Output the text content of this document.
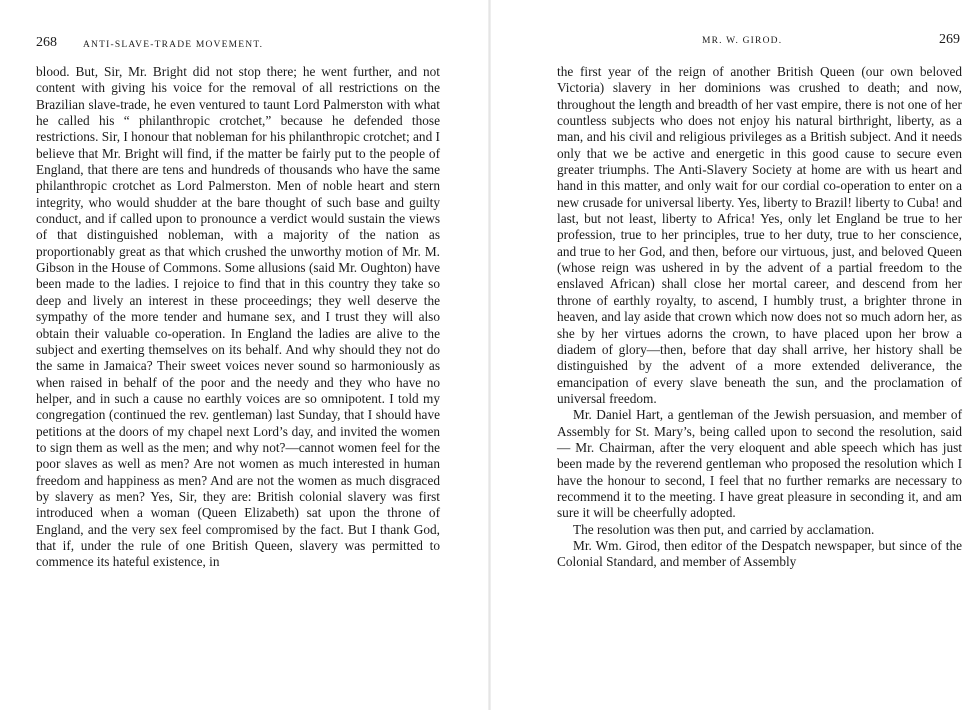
268	ANTI-SLAVE-TRADE MOVEMENT.

blood. But, Sir, Mr. Bright did not stop there; he went further, and not content with giving his voice for the removal of all restrictions on the Brazilian slave-trade, he even ventured to taunt Lord Palmerston with what he called his “ philanthropic crotchet,” because he defended those restrictions. Sir, I honour that nobleman for his philanthropic crotchet; and I believe that Mr. Bright will find, if the matter be fairly put to the people of England, that there are tens and hundreds of thousands who have the same philanthropic crotchet as Lord Palmerston. Men of noble heart and stern integrity, who would shudder at the bare thought of such base and guilty conduct, and if called upon to pronounce a verdict would sustain the views of that distinguished nobleman, with a majority of the nation as proportionably great as that which crushed the unworthy motion of Mr. M. Gibson in the House of Commons. Some allusions (said Mr. Oughton) have been made to the ladies. I rejoice to find that in this country they take so deep and lively an interest in these proceedings; they well deserve the sympathy of the more tender and humane sex, and I trust they will also obtain their valuable co-operation. In England the ladies are alive to the subject and exerting themselves on its behalf. And why should they not do the same in Jamaica? Their sweet voices never sound so harmoniously as when raised in behalf of the poor and the needy and they who have no helper, and in such a cause no earthly voices are so omnipotent. I told my congregation (continued the rev. gentleman) last Sunday, that I should have petitions at the doors of my chapel next Lord’s day, and invited the women to sign them as well as the men; and why not?—cannot women feel for the poor slaves as well as men? Are not women as much interested in human freedom and happiness as men? And are not the women as much disgraced by slavery as men? Yes, Sir, they are: British colonial slavery was first introduced when a woman (Queen Elizabeth) sat upon the throne of England, and the very sex feel compromised by the fact. But I thank God, that if, under the rule of one British Queen, slavery was permitted to commence its hateful existence, in

MR. W. GIROD.	269

the first year of the reign of another British Queen (our own beloved Victoria) slavery in her dominions was crushed to death; and now, throughout the length and breadth of her vast empire, there is not one of her countless subjects who does not enjoy his natural birthright, liberty, as a man, and his civil and religious privileges as a British subject. And it needs only that we be active and energetic in this good cause to secure even greater triumphs. The Anti-Slavery Society at home are with us heart and hand in this matter, and only wait for our cordial co-operation to enter on a new crusade for universal liberty. Yes, liberty to Brazil! liberty to Cuba! and last, but not least, liberty to Africa! Yes, only let England be true to her profession, true to her principles, true to her duty, true to her conscience, and true to her God, and then, before our virtuous, just, and beloved Queen (whose reign was ushered in by the advent of a partial freedom to the enslaved African) shall close her mortal career, and descend from her throne of earthly royalty, to ascend, I humbly trust, a brighter throne in heaven, and lay aside that crown which now does not so much adorn her, as she by her virtues adorns the crown, to have placed upon her brow a diadem of glory—then, before that day shall arrive, her history shall be distinguished by the advent of a more extended deliverance, the emancipation of every slave beneath the sun, and the proclamation of universal freedom.

Mr. Daniel Hart, a gentleman of the Jewish persuasion, and member of Assembly for St. Mary’s, being called upon to second the resolution, said — Mr. Chairman, after the very eloquent and able speech which has just been made by the reverend gentleman who proposed the resolution which I have the honour to second, I feel that no further remarks are necessary to recommend it to the meeting. I have great pleasure in seconding it, and am sure it will be cheerfully adopted.

The resolution was then put, and carried by acclamation.

Mr. Wm. Girod, then editor of the Despatch newspaper, but since of the Colonial Standard, and member of Assembly
